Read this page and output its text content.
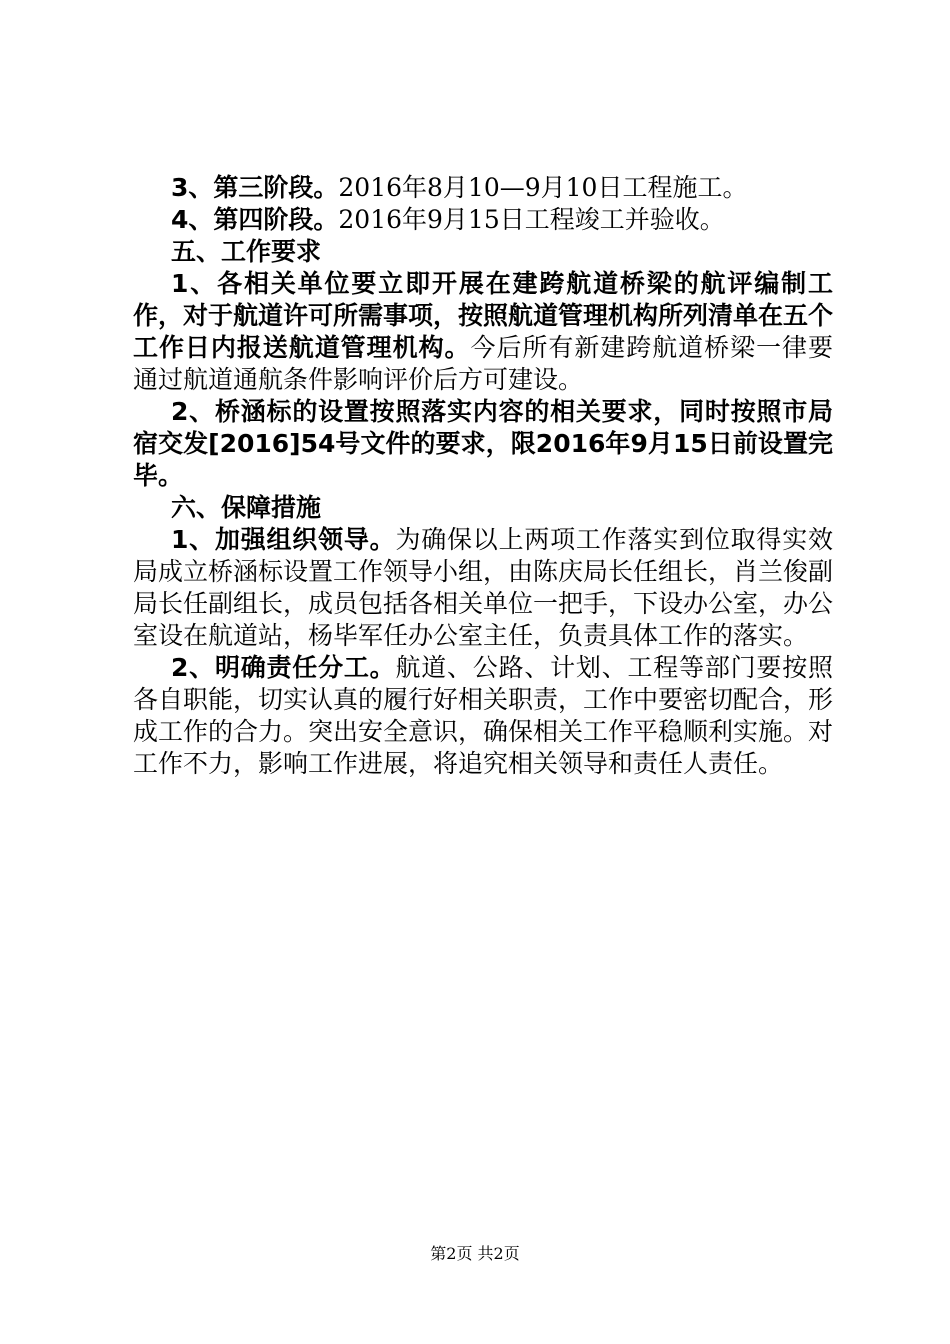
3、第三阶段。2016年8月10—9月10日工程施工。

4、第四阶段。2016年9月15日工程竣工并验收。

五、工作要求

1、各相关单位要立即开展在建跨航道桥梁的航评编制工作，对于航道许可所需事项，按照航道管理机构所列清单在五个工作日内报送航道管理机构。今后所有新建跨航道桥梁一律要通过航道通航条件影响评价后方可建设。

2、桥涵标的设置按照落实内容的相关要求，同时按照市局宿交发[2016]54号文件的要求，限2016年9月15日前设置完毕。

六、保障措施

1、加强组织领导。为确保以上两项工作落实到位取得实效局成立桥涵标设置工作领导小组，由陈庆局长任组长，肖兰俊副局长任副组长，成员包括各相关单位一把手，下设办公室，办公室设在航道站，杨毕军任办公室主任，负责具体工作的落实。

2、明确责任分工。航道、公路、计划、工程等部门要按照各自职能，切实认真的履行好相关职责，工作中要密切配合，形成工作的合力。突出安全意识，确保相关工作平稳顺利实施。对工作不力，影响工作进展，将追究相关领导和责任人责任。

第2页 共2页
